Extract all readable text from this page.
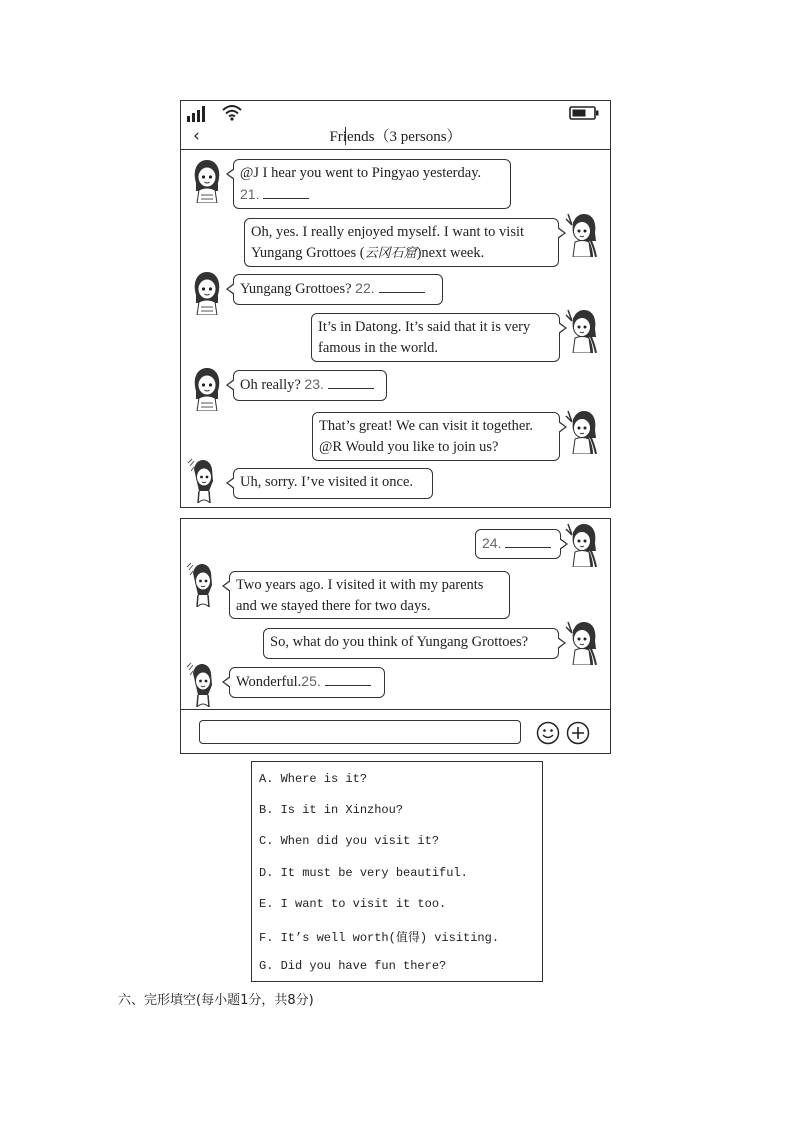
‹	Friends（3 persons）
@J I hear you went to Pingyao yesterday.
21.
Oh, yes. I really enjoyed myself. I want to visit
Yungang Grottoes (云冈石窟)next week.
Yungang Grottoes? 22.
It’s in Datong. It’s said that it is very
famous in the world.
Oh really? 23.
That’s great! We can visit it together.
@R Would you like to join us?
Uh, sorry. I’ve visited it once.
24.
Two years ago. I visited it with my parents
and we stayed there for two days.
So, what do you think of Yungang Grottoes?
Wonderful.25.
A. Where is it?
B. Is it in Xinzhou?
C. When did you visit it?
D. It must be very beautiful.
E. I want to visit it too.
F. It’s well worth(值得) visiting.
G. Did you have fun there?
六、完形填空(每小题1分，共8分)
